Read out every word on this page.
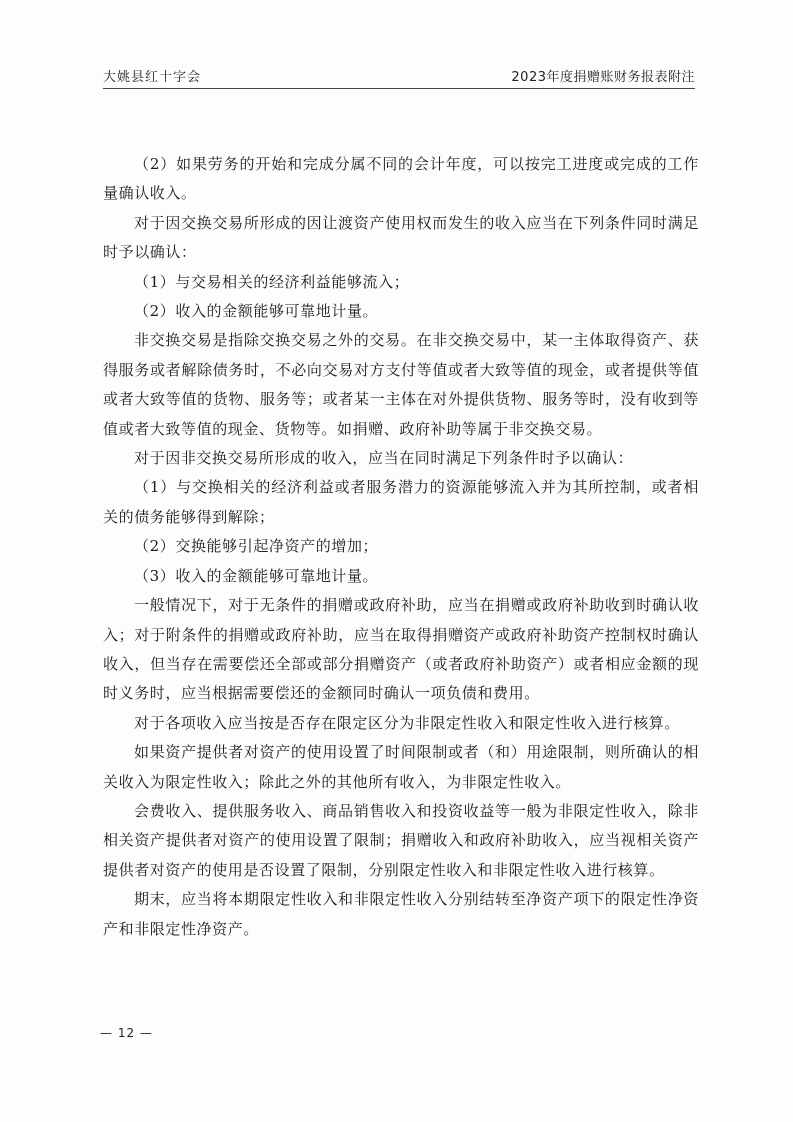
大姚县红十字会	2023年度捐赠账财务报表附注

（2）如果劳务的开始和完成分属不同的会计年度，可以按完工进度或完成的工作量确认收入。

对于因交换交易所形成的因让渡资产使用权而发生的收入应当在下列条件同时满足时予以确认：

（1）与交易相关的经济利益能够流入；

（2）收入的金额能够可靠地计量。

非交换交易是指除交换交易之外的交易。在非交换交易中，某一主体取得资产、获得服务或者解除债务时，不必向交易对方支付等值或者大致等值的现金，或者提供等值或者大致等值的货物、服务等；或者某一主体在对外提供货物、服务等时，没有收到等值或者大致等值的现金、货物等。如捐赠、政府补助等属于非交换交易。

对于因非交换交易所形成的收入，应当在同时满足下列条件时予以确认：

（1）与交换相关的经济利益或者服务潜力的资源能够流入并为其所控制，或者相关的债务能够得到解除；

（2）交换能够引起净资产的增加；

（3）收入的金额能够可靠地计量。

一般情况下，对于无条件的捐赠或政府补助，应当在捐赠或政府补助收到时确认收入；对于附条件的捐赠或政府补助，应当在取得捐赠资产或政府补助资产控制权时确认收入，但当存在需要偿还全部或部分捐赠资产（或者政府补助资产）或者相应金额的现时义务时，应当根据需要偿还的金额同时确认一项负债和费用。

对于各项收入应当按是否存在限定区分为非限定性收入和限定性收入进行核算。

如果资产提供者对资产的使用设置了时间限制或者（和）用途限制，则所确认的相关收入为限定性收入；除此之外的其他所有收入，为非限定性收入。

会费收入、提供服务收入、商品销售收入和投资收益等一般为非限定性收入，除非相关资产提供者对资产的使用设置了限制；捐赠收入和政府补助收入，应当视相关资产提供者对资产的使用是否设置了限制，分别限定性收入和非限定性收入进行核算。

期末，应当将本期限定性收入和非限定性收入分别结转至净资产项下的限定性净资产和非限定性净资产。

— 12 —
